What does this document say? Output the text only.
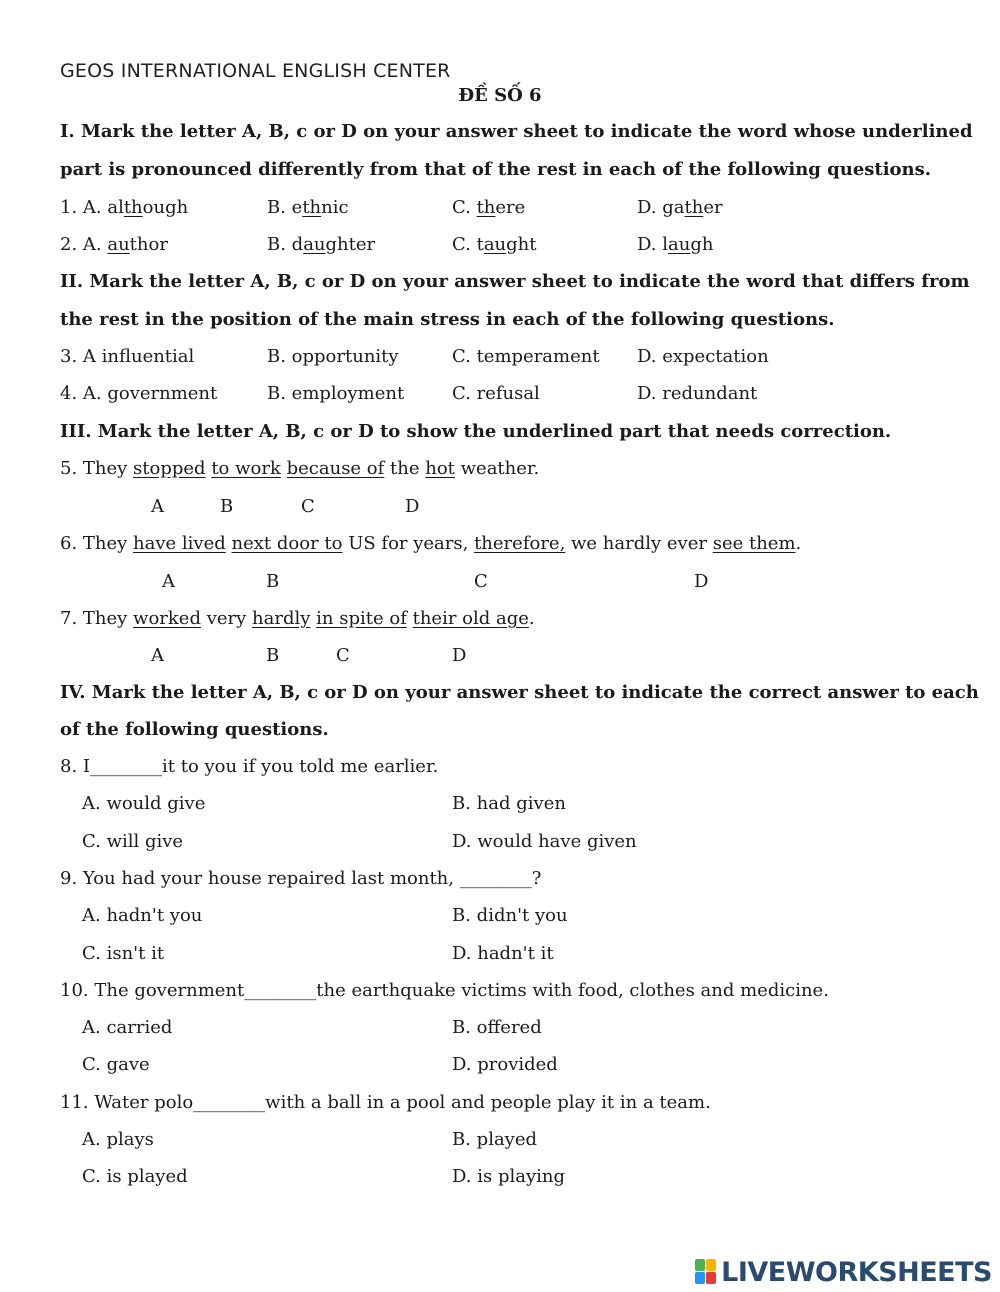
GEOS INTERNATIONAL ENGLISH CENTER
ĐỀ SỐ 6
I. Mark the letter A, B, c or D on your answer sheet to indicate the word whose underlined
part is pronounced differently from that of the rest in each of the following questions.
1. A. although	B. ethnic	C. there	D. gather
2. A. author	B. daughter	C. taught	D. laugh
II. Mark the letter A, B, c or D on your answer sheet to indicate the word that differs from
the rest in the position of the main stress in each of the following questions.
3. A influential	B. opportunity	C. temperament D. expectation
4. A. government	B. employment	C. refusal	D. redundant
III. Mark the letter A, B, c or D to show the underlined part that needs correction.
5. They stopped to work because of the hot weather.
A	B	C	D
6. They have lived next door to US for years, therefore, we hardly ever see them.
A	B	C	D
7. They worked very hardly in spite of their old age.
A	B	C	D
IV. Mark the letter A, B, c or D on your answer sheet to indicate the correct answer to each
of the following questions.
8. I________it to you if you told me earlier.
A. would give	B. had given
C. will give	D. would have given
9. You had your house repaired last month, ________?
A. hadn't you	B. didn't you
C. isn't it	D. hadn't it
10. The government________the earthquake victims with food, clothes and medicine.
A. carried	B. offered
C. gave	D. provided
11. Water polo________with a ball in a pool and people play it in a team.
A. plays	B. played
C. is played	D. is playing
LIVEWORKSHEETS
